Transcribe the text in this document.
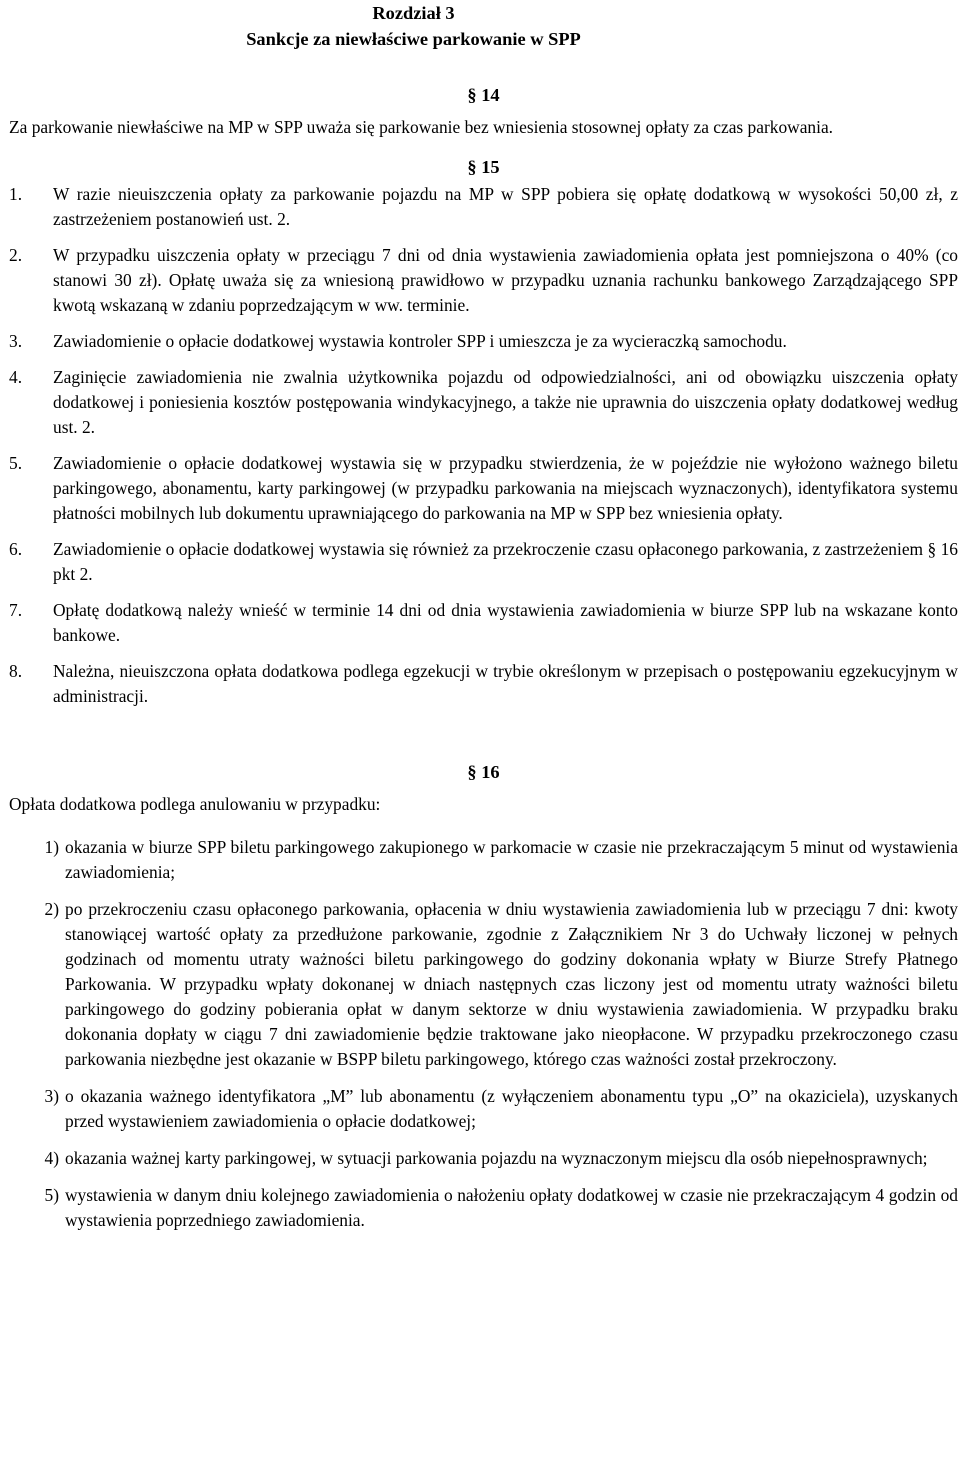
Rozdział 3
Sankcje za niewłaściwe parkowanie w SPP
§ 14
Za parkowanie niewłaściwe na MP w SPP uważa się parkowanie bez wniesienia stosownej opłaty za czas parkowania.
§ 15
1.	W razie nieuiszczenia opłaty za parkowanie pojazdu na MP w SPP pobiera się opłatę dodatkową w wysokości 50,00 zł, z zastrzeżeniem postanowień ust. 2.
2.	W przypadku uiszczenia opłaty w przeciągu 7 dni od dnia wystawienia zawiadomienia opłata jest pomniejszona o 40% (co stanowi 30 zł). Opłatę uważa się za wniesioną prawidłowo w przypadku uznania rachunku bankowego Zarządzającego SPP kwotą wskazaną w zdaniu poprzedzającym w ww. terminie.
3.	Zawiadomienie o opłacie dodatkowej wystawia kontroler SPP i umieszcza je za wycieraczką samochodu.
4.	Zaginięcie zawiadomienia nie zwalnia użytkownika pojazdu od odpowiedzialności, ani od obowiązku uiszczenia opłaty dodatkowej i poniesienia kosztów postępowania windykacyjnego, a także nie uprawnia do uiszczenia opłaty dodatkowej według ust. 2.
5.	Zawiadomienie o opłacie dodatkowej wystawia się w przypadku stwierdzenia, że w pojeździe nie wyłożono ważnego biletu parkingowego, abonamentu, karty parkingowej (w przypadku parkowania na miejscach wyznaczonych), identyfikatora systemu płatności mobilnych lub dokumentu uprawniającego do parkowania na MP w SPP bez wniesienia opłaty.
6.	Zawiadomienie o opłacie dodatkowej wystawia się również za przekroczenie czasu opłaconego parkowania, z zastrzeżeniem § 16 pkt 2.
7.	Opłatę dodatkową należy wnieść w terminie 14 dni od dnia wystawienia zawiadomienia w biurze SPP lub na wskazane konto bankowe.
8.	Należna, nieuiszczona opłata dodatkowa podlega egzekucji w trybie określonym w przepisach o postępowaniu egzekucyjnym w administracji.
§ 16
Opłata dodatkowa podlega anulowaniu w przypadku:
1) okazania w biurze SPP biletu parkingowego zakupionego w parkomacie w czasie nie przekraczającym 5 minut od wystawienia zawiadomienia;
2) po przekroczeniu czasu opłaconego parkowania, opłacenia w dniu wystawienia zawiadomienia lub w przeciągu 7 dni: kwoty stanowiącej wartość opłaty za przedłużone parkowanie, zgodnie z Załącznikiem Nr 3 do Uchwały liczonej w pełnych godzinach od momentu utraty ważności biletu parkingowego do godziny dokonania wpłaty w Biurze Strefy Płatnego Parkowania. W przypadku wpłaty dokonanej w dniach następnych czas liczony jest od momentu utraty ważności biletu parkingowego do godziny pobierania opłat w danym sektorze w dniu wystawienia zawiadomienia. W przypadku braku dokonania dopłaty w ciągu 7 dni zawiadomienie będzie traktowane jako nieopłacone. W przypadku przekroczonego czasu parkowania niezbędne jest okazanie w BSPP biletu parkingowego, którego czas ważności został przekroczony.
3) o okazania ważnego identyfikatora „M” lub abonamentu (z wyłączeniem abonamentu typu „O” na okaziciela), uzyskanych przed wystawieniem zawiadomienia o opłacie dodatkowej;
4) okazania ważnej karty parkingowej, w sytuacji parkowania pojazdu na wyznaczonym miejscu dla osób niepełnosprawnych;
5) wystawienia w danym dniu kolejnego zawiadomienia o nałożeniu opłaty dodatkowej w czasie nie przekraczającym 4 godzin od wystawienia poprzedniego zawiadomienia.
